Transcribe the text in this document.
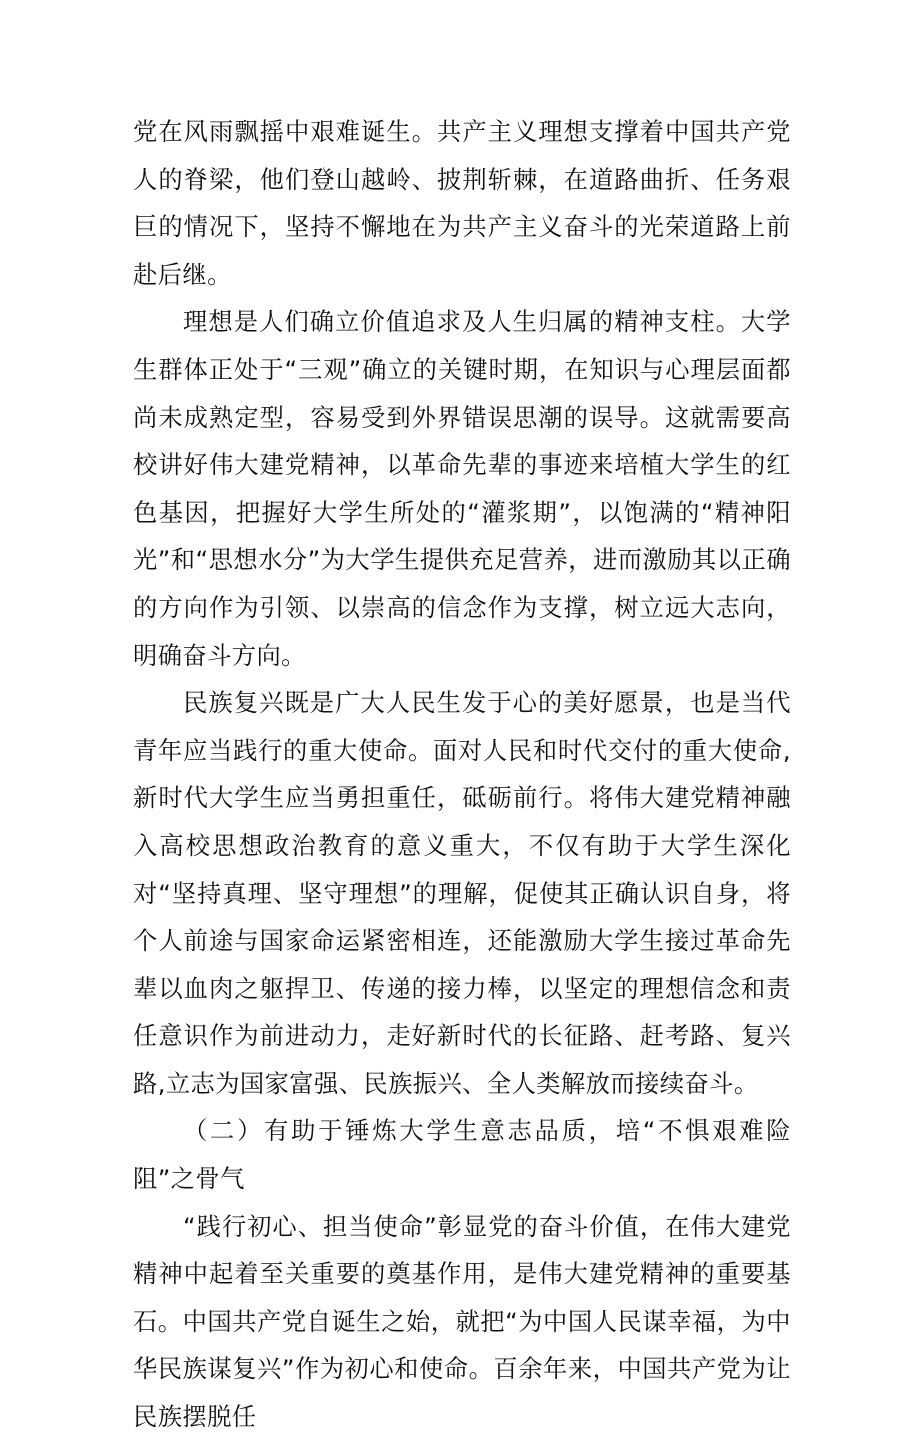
党在风雨飘摇中艰难诞生。共产主义理想支撑着中国共产党人的脊梁，他们登山越岭、披荆斩棘，在道路曲折、任务艰巨的情况下，坚持不懈地在为共产主义奋斗的光荣道路上前赴后继。

理想是人们确立价值追求及人生归属的精神支柱。大学生群体正处于“三观”确立的关键时期，在知识与心理层面都尚未成熟定型，容易受到外界错误思潮的误导。这就需要高校讲好伟大建党精神，以革命先辈的事迹来培植大学生的红色基因，把握好大学生所处的“灌浆期”，以饱满的“精神阳光”和“思想水分”为大学生提供充足营养，进而激励其以正确的方向作为引领、以崇高的信念作为支撑，树立远大志向，明确奋斗方向。

民族复兴既是广大人民生发于心的美好愿景，也是当代青年应当践行的重大使命。面对人民和时代交付的重大使命,新时代大学生应当勇担重任，砥砺前行。将伟大建党精神融入高校思想政治教育的意义重大，不仅有助于大学生深化对“坚持真理、坚守理想”的理解，促使其正确认识自身，将个人前途与国家命运紧密相连，还能激励大学生接过革命先辈以血肉之躯捍卫、传递的接力棒，以坚定的理想信念和责任意识作为前进动力，走好新时代的长征路、赶考路、复兴路,立志为国家富强、民族振兴、全人类解放而接续奋斗。

（二）有助于锤炼大学生意志品质，培“不惧艰难险阻”之骨气

“践行初心、担当使命”彰显党的奋斗价值，在伟大建党精神中起着至关重要的奠基作用，是伟大建党精神的重要基石。中国共产党自诞生之始，就把“为中国人民谋幸福，为中华民族谋复兴”作为初心和使命。百余年来，中国共产党为让民族摆脱任
